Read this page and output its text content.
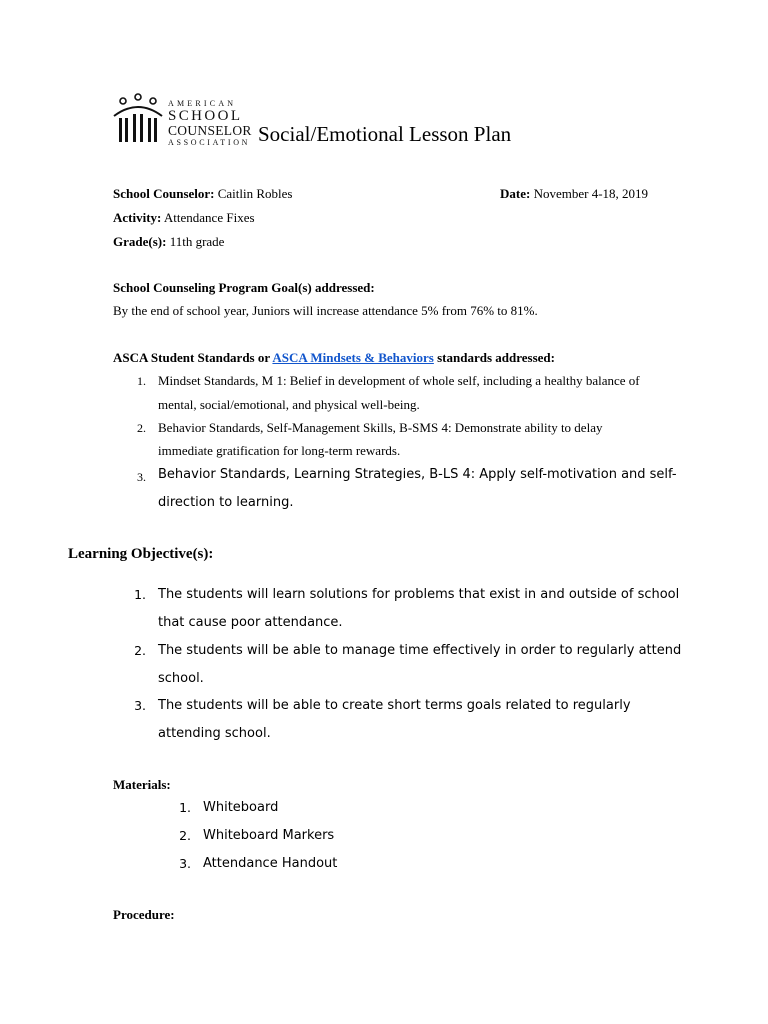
AMERICAN
SCHOOL
COUNSELOR
ASSOCIATION Social/Emotional Lesson Plan
School Counselor: Caitlin Robles	Date: November 4-18, 2019
Activity: Attendance Fixes
Grade(s): 11th grade
School Counseling Program Goal(s) addressed:
By the end of school year, Juniors will increase attendance 5% from 76% to 81%.
ASCA Student Standards or ASCA Mindsets & Behaviors standards addressed:
1. Mindset Standards, M 1: Belief in development of whole self, including a healthy balance of
mental, social/emotional, and physical well-being.
2. Behavior Standards, Self-Management Skills, B-SMS 4: Demonstrate ability to delay
immediate gratification for long-term rewards.
3. Behavior Standards, Learning Strategies, B-LS 4: Apply self-motivation and self-
direction to learning.
Learning Objective(s):
1. The students will learn solutions for problems that exist in and outside of school
that cause poor attendance.
2. The students will be able to manage time effectively in order to regularly attend
school.
3. The students will be able to create short terms goals related to regularly
attending school.
Materials:
1. Whiteboard
2. Whiteboard Markers
3. Attendance Handout
Procedure:
